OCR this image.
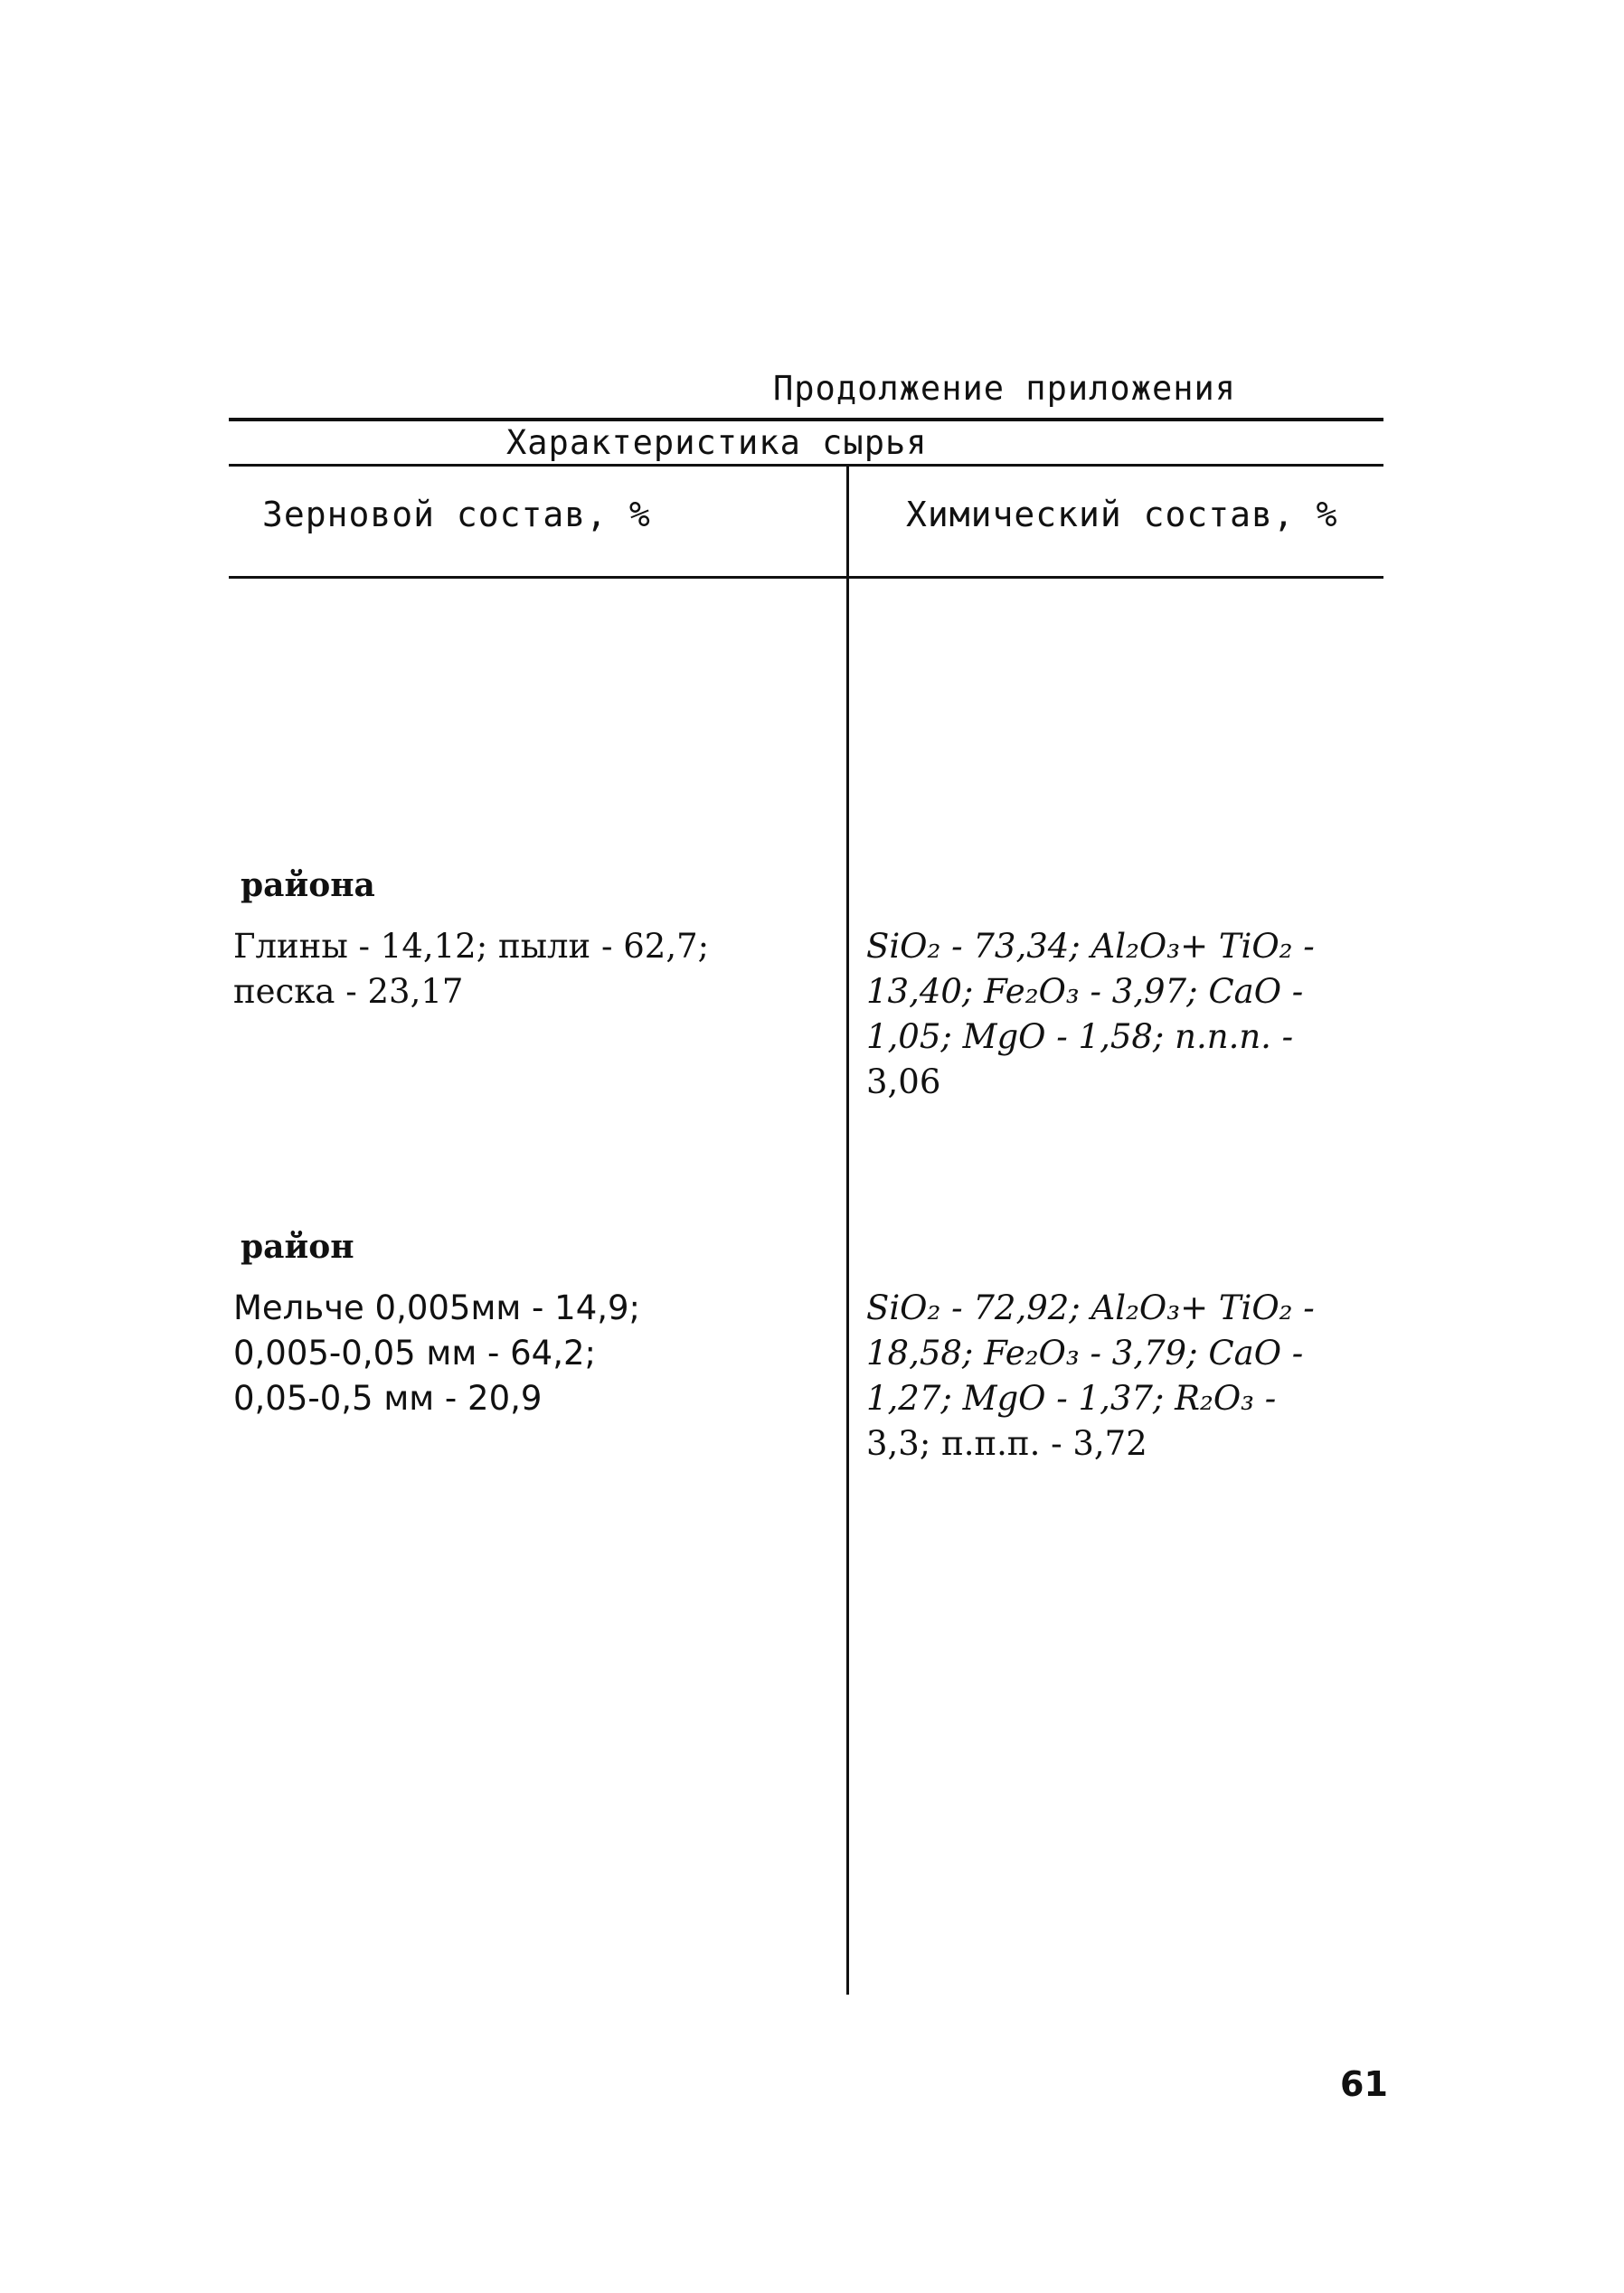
Продолжение приложения
Характеристика сырья
Зерновой состав, %	Химический состав, %
района
Глины - 14,12; пыли - 62,7;
песка - 23,17
SiO₂ - 73,34; Al₂O₃+ TiO₂ -
13,40; Fe₂O₃ - 3,97; CaO -
1,05; MgO - 1,58; п.п.п. -
3,06
район
Мельче 0,005мм - 14,9;
0,005-0,05 мм - 64,2;
0,05-0,5 мм - 20,9
SiO₂ - 72,92; Al₂O₃+ TiO₂ -
18,58; Fe₂O₃ - 3,79; CaO -
1,27; MgO - 1,37; R₂O₃ -
3,3; п.п.п. - 3,72
61
